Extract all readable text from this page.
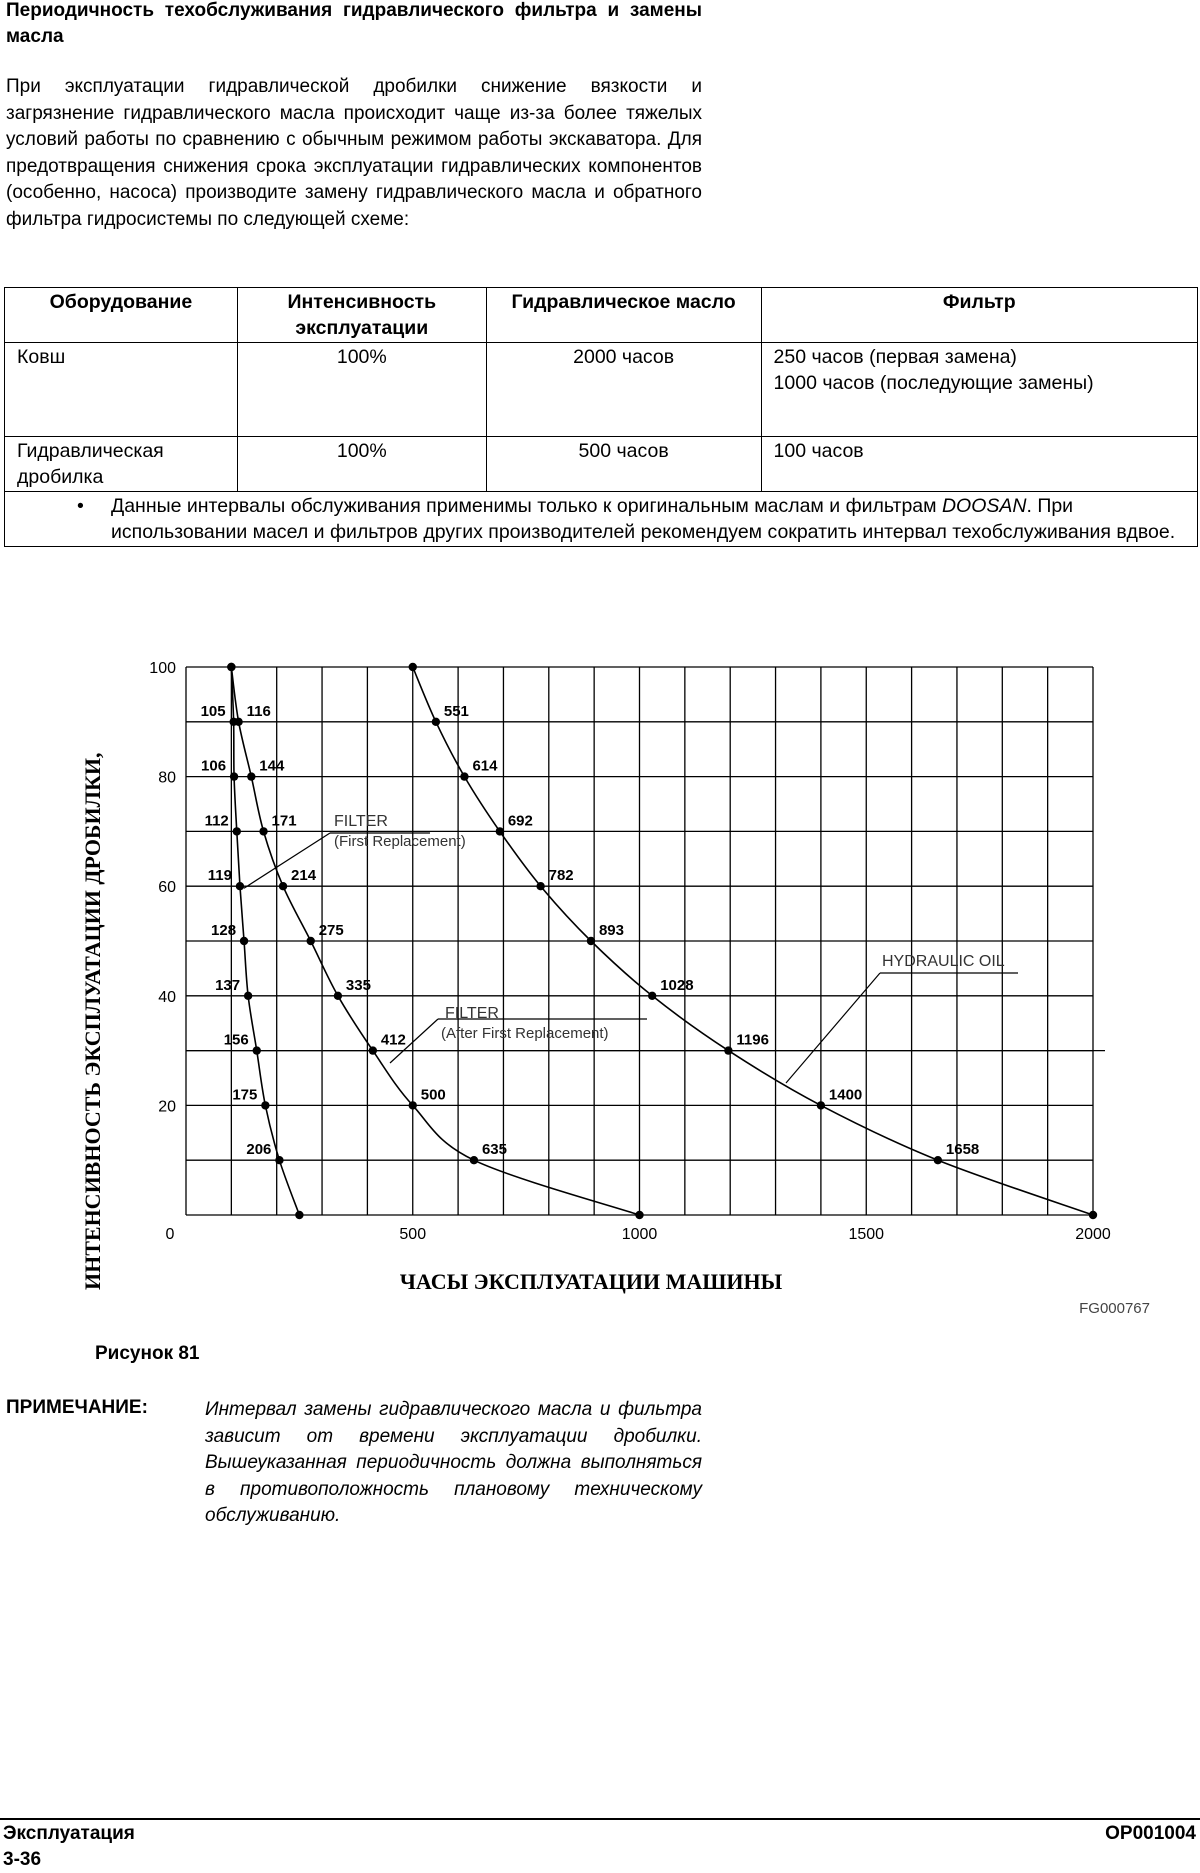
Периодичность техобслуживания гидравлического фильтра и замены масла

При эксплуатации гидравлической дробилки снижение вязкости и загрязнение гидравлического масла происходит чаще из-за более тяжелых условий работы по сравнению с обычным режимом работы экскаватора. Для предотвращения снижения срока эксплуатации гидравлических компонентов (особенно, насоса) производите замену гидравлического масла и обратного фильтра гидросистемы по следующей схеме:

Оборудование	Интенсивность эксплуатации	Гидравлическое масло	Фильтр
Ковш	100%	2000 часов	250 часов (первая замена)
1000 часов (последующие замены)

Гидравлическая дробилка	100%	500 часов	100 часов

• Данные интервалы обслуживания применимы только к оригинальным маслам и фильтрам DOOSAN. При использовании масел и фильтров других производителей рекомендуем сократить интервал техобслуживания вдвое.			
20
40
60
80
100
0	500	1000	1500	2000
105
106
112
119
128
137
156
175
206
116
144
171
214
275
335
412
500
635
551
614
692
782
893
1028
1196
1400
1658
FILTER
(First Replacement)
FILTER
(After First Replacement)
HYDRAULIC OIL
ИНТЕНСИВНОСТЬ ЭКСПЛУАТАЦИИ ДРОБИЛКИ,	ЧАСЫ ЭКСПЛУАТАЦИИ МАШИНЫ
FG000767

Рисунок 81

ПРИМЕЧАНИЕ:	Интервал замены гидравлического масла и фильтра зависит от времени эксплуатации дробилки. Вышеуказанная периодичность должна выполняться в противоположность плановому техническому обслуживанию.

Эксплуатация
3-36
OP001004
